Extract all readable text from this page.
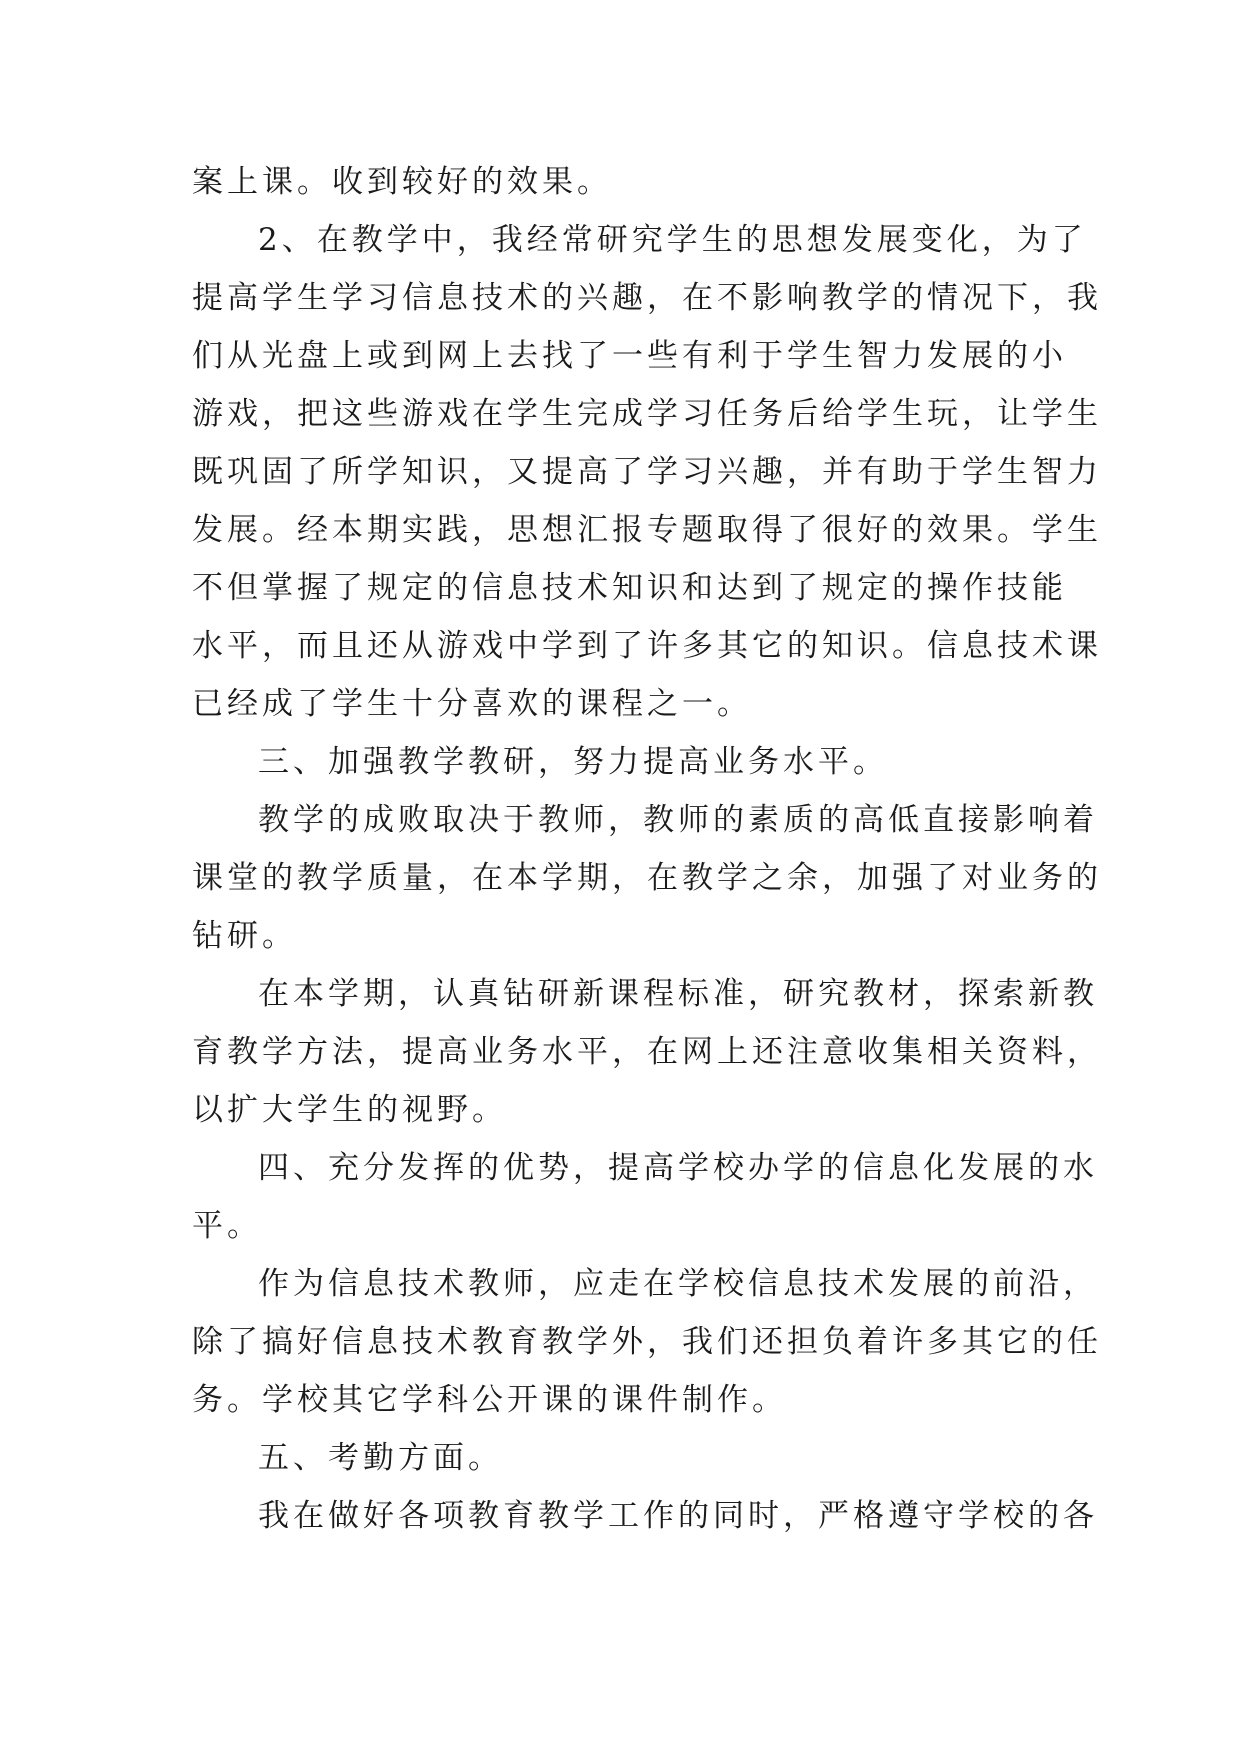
案上课。收到较好的效果。
2、在教学中，我经常研究学生的思想发展变化，为了
提高学生学习信息技术的兴趣，在不影响教学的情况下，我
们从光盘上或到网上去找了一些有利于学生智力发展的小
游戏，把这些游戏在学生完成学习任务后给学生玩，让学生
既巩固了所学知识，又提高了学习兴趣，并有助于学生智力
发展。经本期实践，思想汇报专题取得了很好的效果。学生
不但掌握了规定的信息技术知识和达到了规定的操作技能
水平，而且还从游戏中学到了许多其它的知识。信息技术课
已经成了学生十分喜欢的课程之一。
三、加强教学教研，努力提高业务水平。
教学的成败取决于教师，教师的素质的高低直接影响着
课堂的教学质量，在本学期，在教学之余，加强了对业务的
钻研。
在本学期，认真钻研新课程标准，研究教材，探索新教
育教学方法，提高业务水平，在网上还注意收集相关资料，
以扩大学生的视野。
四、充分发挥的优势，提高学校办学的信息化发展的水
平。
作为信息技术教师，应走在学校信息技术发展的前沿，
除了搞好信息技术教育教学外，我们还担负着许多其它的任
务。学校其它学科公开课的课件制作。
五、考勤方面。
我在做好各项教育教学工作的同时，严格遵守学校的各
